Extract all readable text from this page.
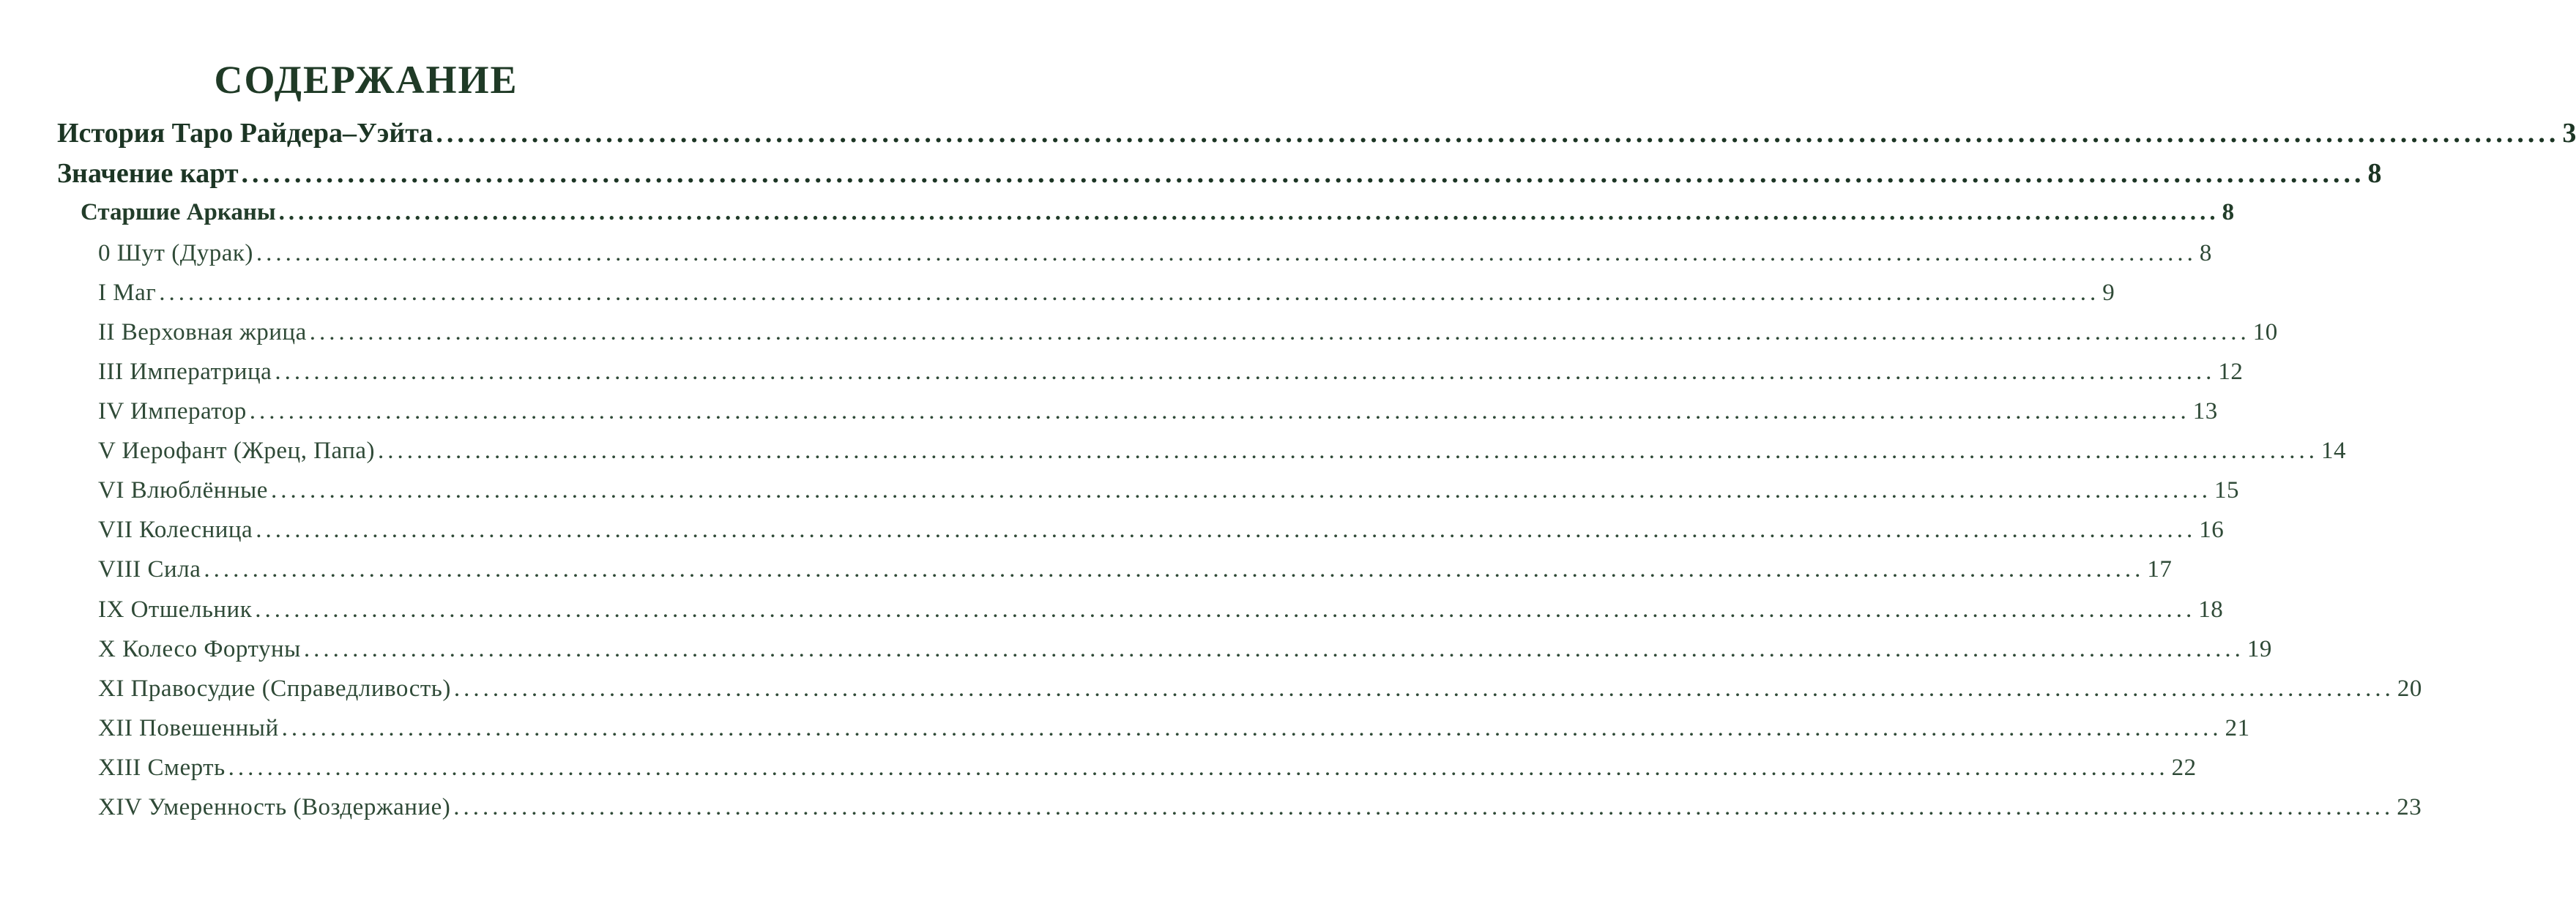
СОДЕРЖАНИЕ
История Таро Райдера–Уэйта ........................................................................................................................................................................................................ 3
Значение карт ........................................................................................................................................................................................................ 8
Старшие Арканы ........................................................................................................................................................................................................ 8
0 Шут (Дурак) ........................................................................................................................................................................................................ 8
I Маг ........................................................................................................................................................................................................ 9
II Верховная жрица ........................................................................................................................................................................................................ 10
III Императрица ........................................................................................................................................................................................................ 12
IV Император ........................................................................................................................................................................................................ 13
V Иерофант (Жрец, Папа) ........................................................................................................................................................................................................ 14
VI Влюблённые ........................................................................................................................................................................................................ 15
VII Колесница ........................................................................................................................................................................................................ 16
VIII Сила ........................................................................................................................................................................................................ 17
IX Отшельник ........................................................................................................................................................................................................ 18
X Колесо Фортуны ........................................................................................................................................................................................................ 19
XI Правосудие (Справедливость) ........................................................................................................................................................................................................ 20
XII Повешенный ........................................................................................................................................................................................................ 21
XIII Смерть ........................................................................................................................................................................................................ 22
XIV Умеренность (Воздержание) ........................................................................................................................................................................................................ 23
